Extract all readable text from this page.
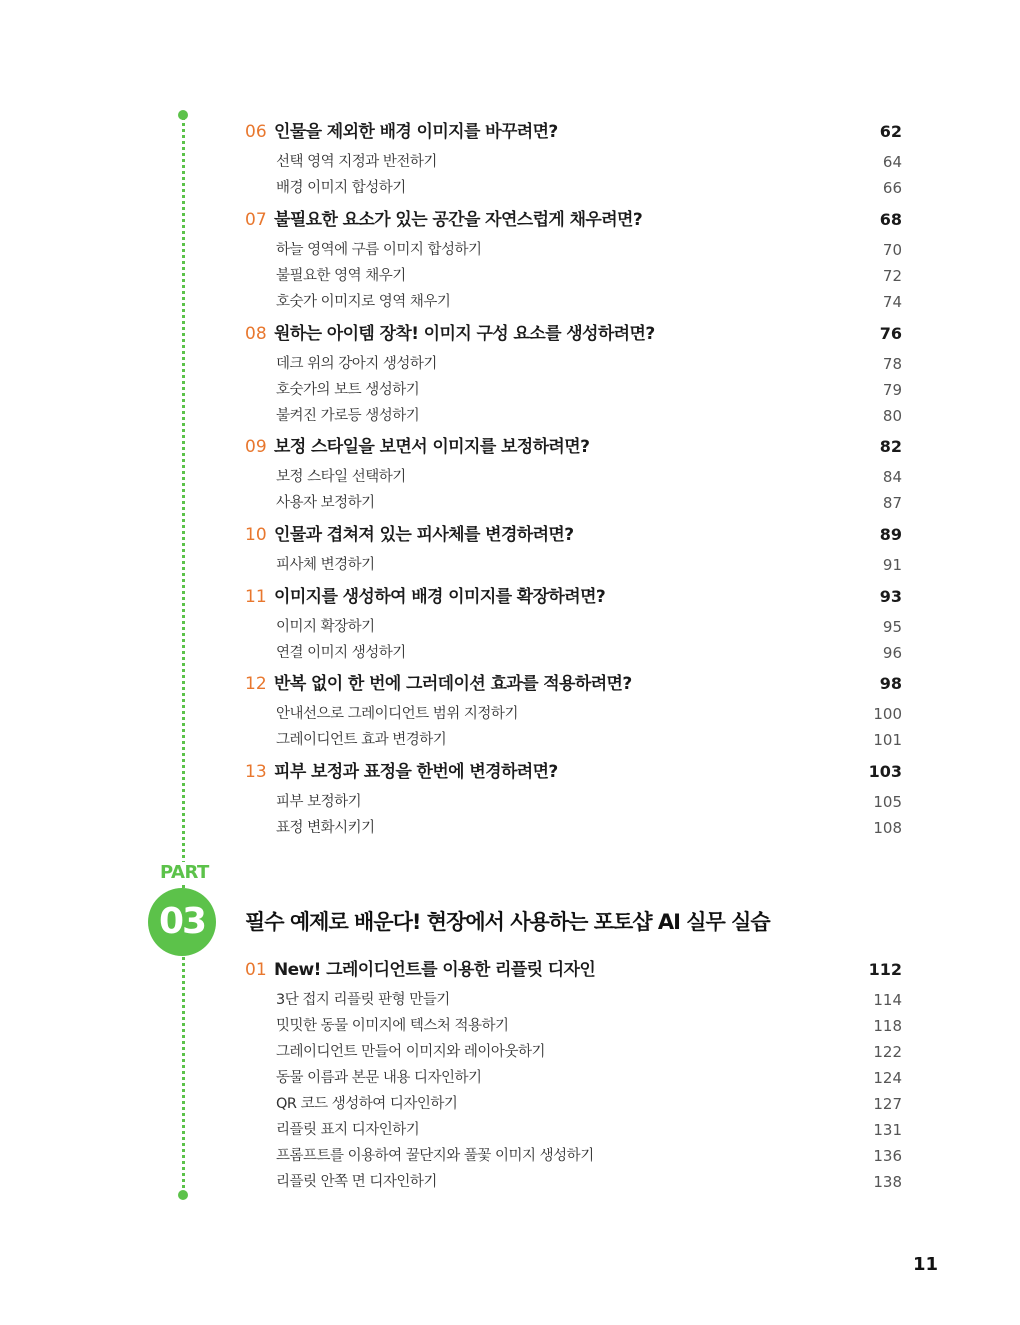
06 인물을 제외한 배경 이미지를 바꾸려면?	62
선택 영역 지정과 반전하기	64
배경 이미지 합성하기	66
07 불필요한 요소가 있는 공간을 자연스럽게 채우려면?	68
하늘 영역에 구름 이미지 합성하기	70
불필요한 영역 채우기	72
호숫가 이미지로 영역 채우기	74
08 원하는 아이템 장착! 이미지 구성 요소를 생성하려면?	76
데크 위의 강아지 생성하기	78
호숫가의 보트 생성하기	79
불켜진 가로등 생성하기	80
09 보정 스타일을 보면서 이미지를 보정하려면?	82
보정 스타일 선택하기	84
사용자 보정하기	87
10 인물과 겹쳐져 있는 피사체를 변경하려면?	89
피사체 변경하기	91
11 이미지를 생성하여 배경 이미지를 확장하려면?	93
이미지 확장하기	95
연결 이미지 생성하기	96
12 반복 없이 한 번에 그러데이션 효과를 적용하려면?	98
안내선으로 그레이디언트 범위 지정하기	100
그레이디언트 효과 변경하기	101
13 피부 보정과 표정을 한번에 변경하려면?	103
피부 보정하기	105
표정 변화시키기	108
01 New! 그레이디언트를 이용한 리플릿 디자인	112
3단 접지 리플릿 판형 만들기	114
밋밋한 동물 이미지에 텍스처 적용하기	118
그레이디언트 만들어 이미지와 레이아웃하기	122
동물 이름과 본문 내용 디자인하기	124
QR 코드 생성하여 디자인하기	127
리플릿 표지 디자인하기	131
프롬프트를 이용하여 꿀단지와 풀꽃 이미지 생성하기	136
리플릿 안쪽 면 디자인하기	138
PART
03	필수 예제로 배운다! 현장에서 사용하는 포토샵 AI 실무 실습
11
